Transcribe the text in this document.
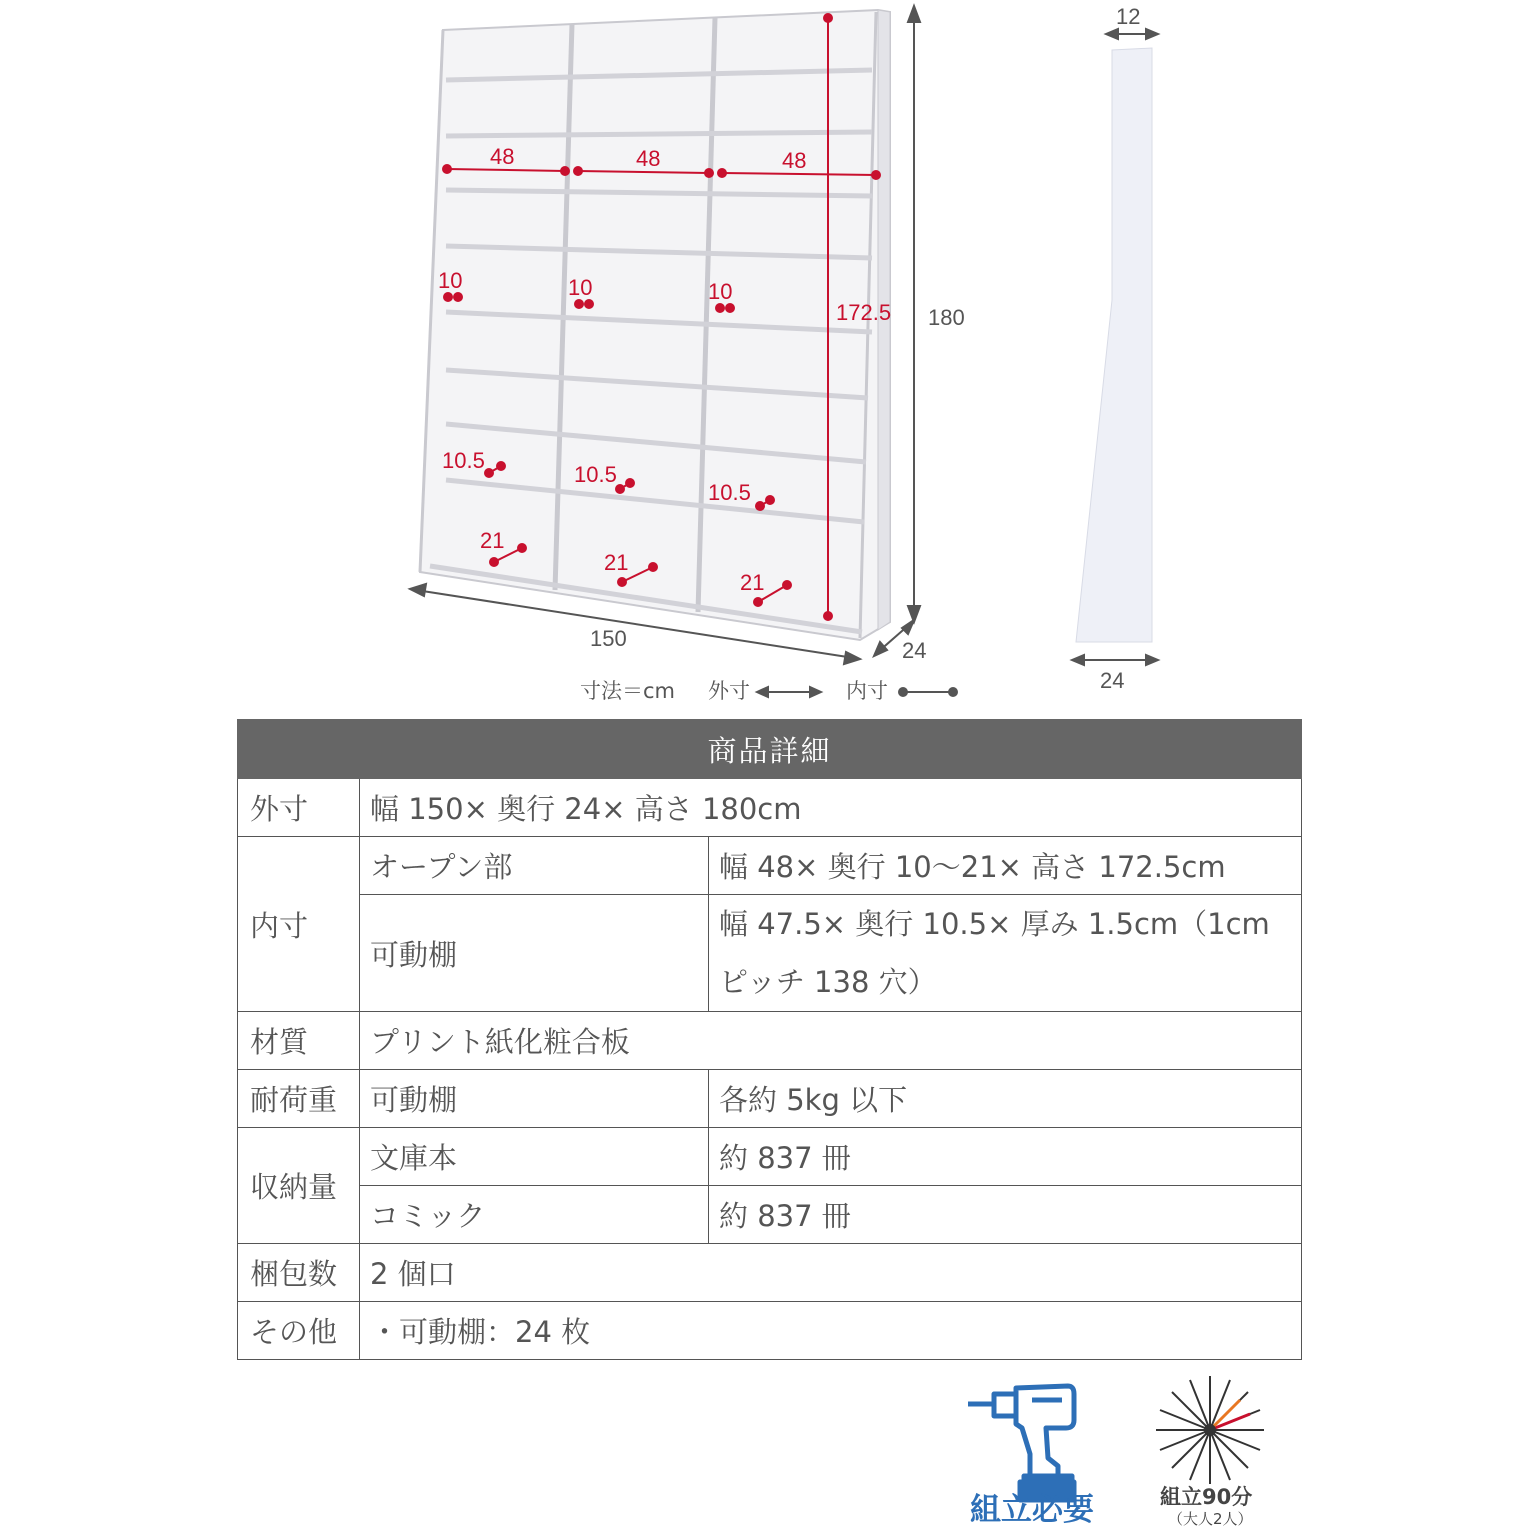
180
150	24
48	48	48
10	10	10
172.5
10.5
10.5
10.5
21
21
21
12
24
寸法＝cm 外寸	内寸
商品詳細		
外寸	幅 150× 奥行 24× 高さ 180cm	
内寸	オープン部	幅 48× 奥行 10～21× 高さ 172.5cm
	可動棚	幅 47.5× 奥行 10.5× 厚み 1.5cm（1cm
ピッチ 138 穴）
材質	プリント紙化粧合板	
耐荷重	可動棚	各約 5kg 以下
収納量	文庫本	約 837 冊
	コミック	約 837 冊
梱包数	2 個口	
その他	・可動棚：24 枚	
組立必要	組立90分
（大人2人）
